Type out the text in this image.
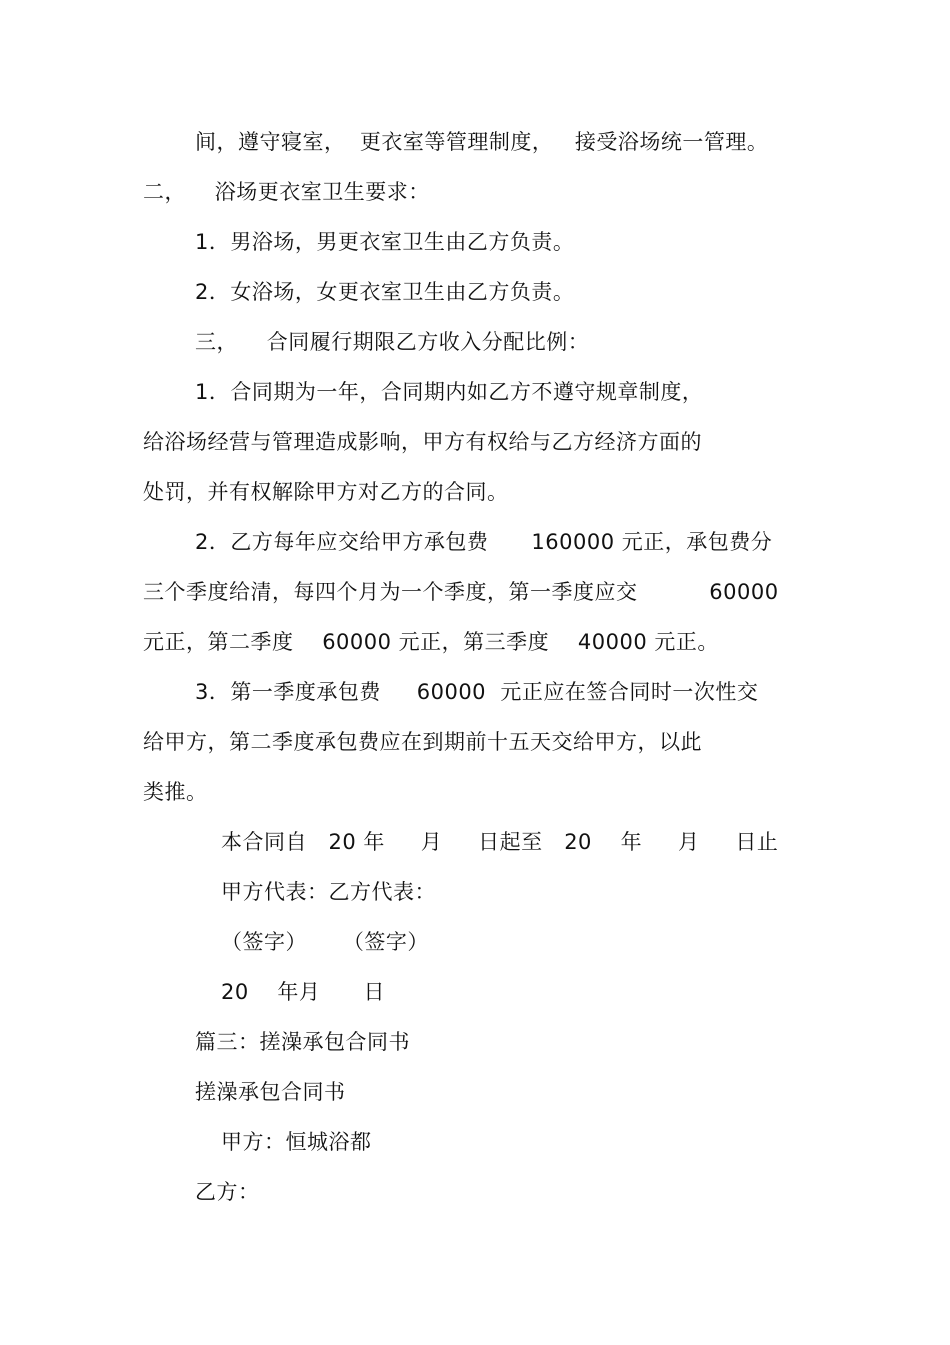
间，遵守寝室，  更衣室等管理制度，   接受浴场统一管理。
二，    浴场更衣室卫生要求：
1．男浴场，男更衣室卫生由乙方负责。
2．女浴场，女更衣室卫生由乙方负责。
三，    合同履行期限乙方收入分配比例：
1．合同期为一年，合同期内如乙方不遵守规章制度，
给浴场经营与管理造成影响，甲方有权给与乙方经济方面的
处罚，并有权解除甲方对乙方的合同。
2．乙方每年应交给甲方承包费      160000 元正，承包费分
三个季度给清，每四个月为一个季度，第一季度应交          60000
元正，第二季度    60000 元正，第三季度    40000 元正。
3．第一季度承包费     60000  元正应在签合同时一次性交
给甲方，第二季度承包费应在到期前十五天交给甲方，以此
类推。
本合同自   20 年     月     日起至   20    年     月     日止
甲方代表：乙方代表：
（签字）     （签字）
20    年月      日
篇三：搓澡承包合同书
搓澡承包合同书
甲方：恒城浴都
乙方：
